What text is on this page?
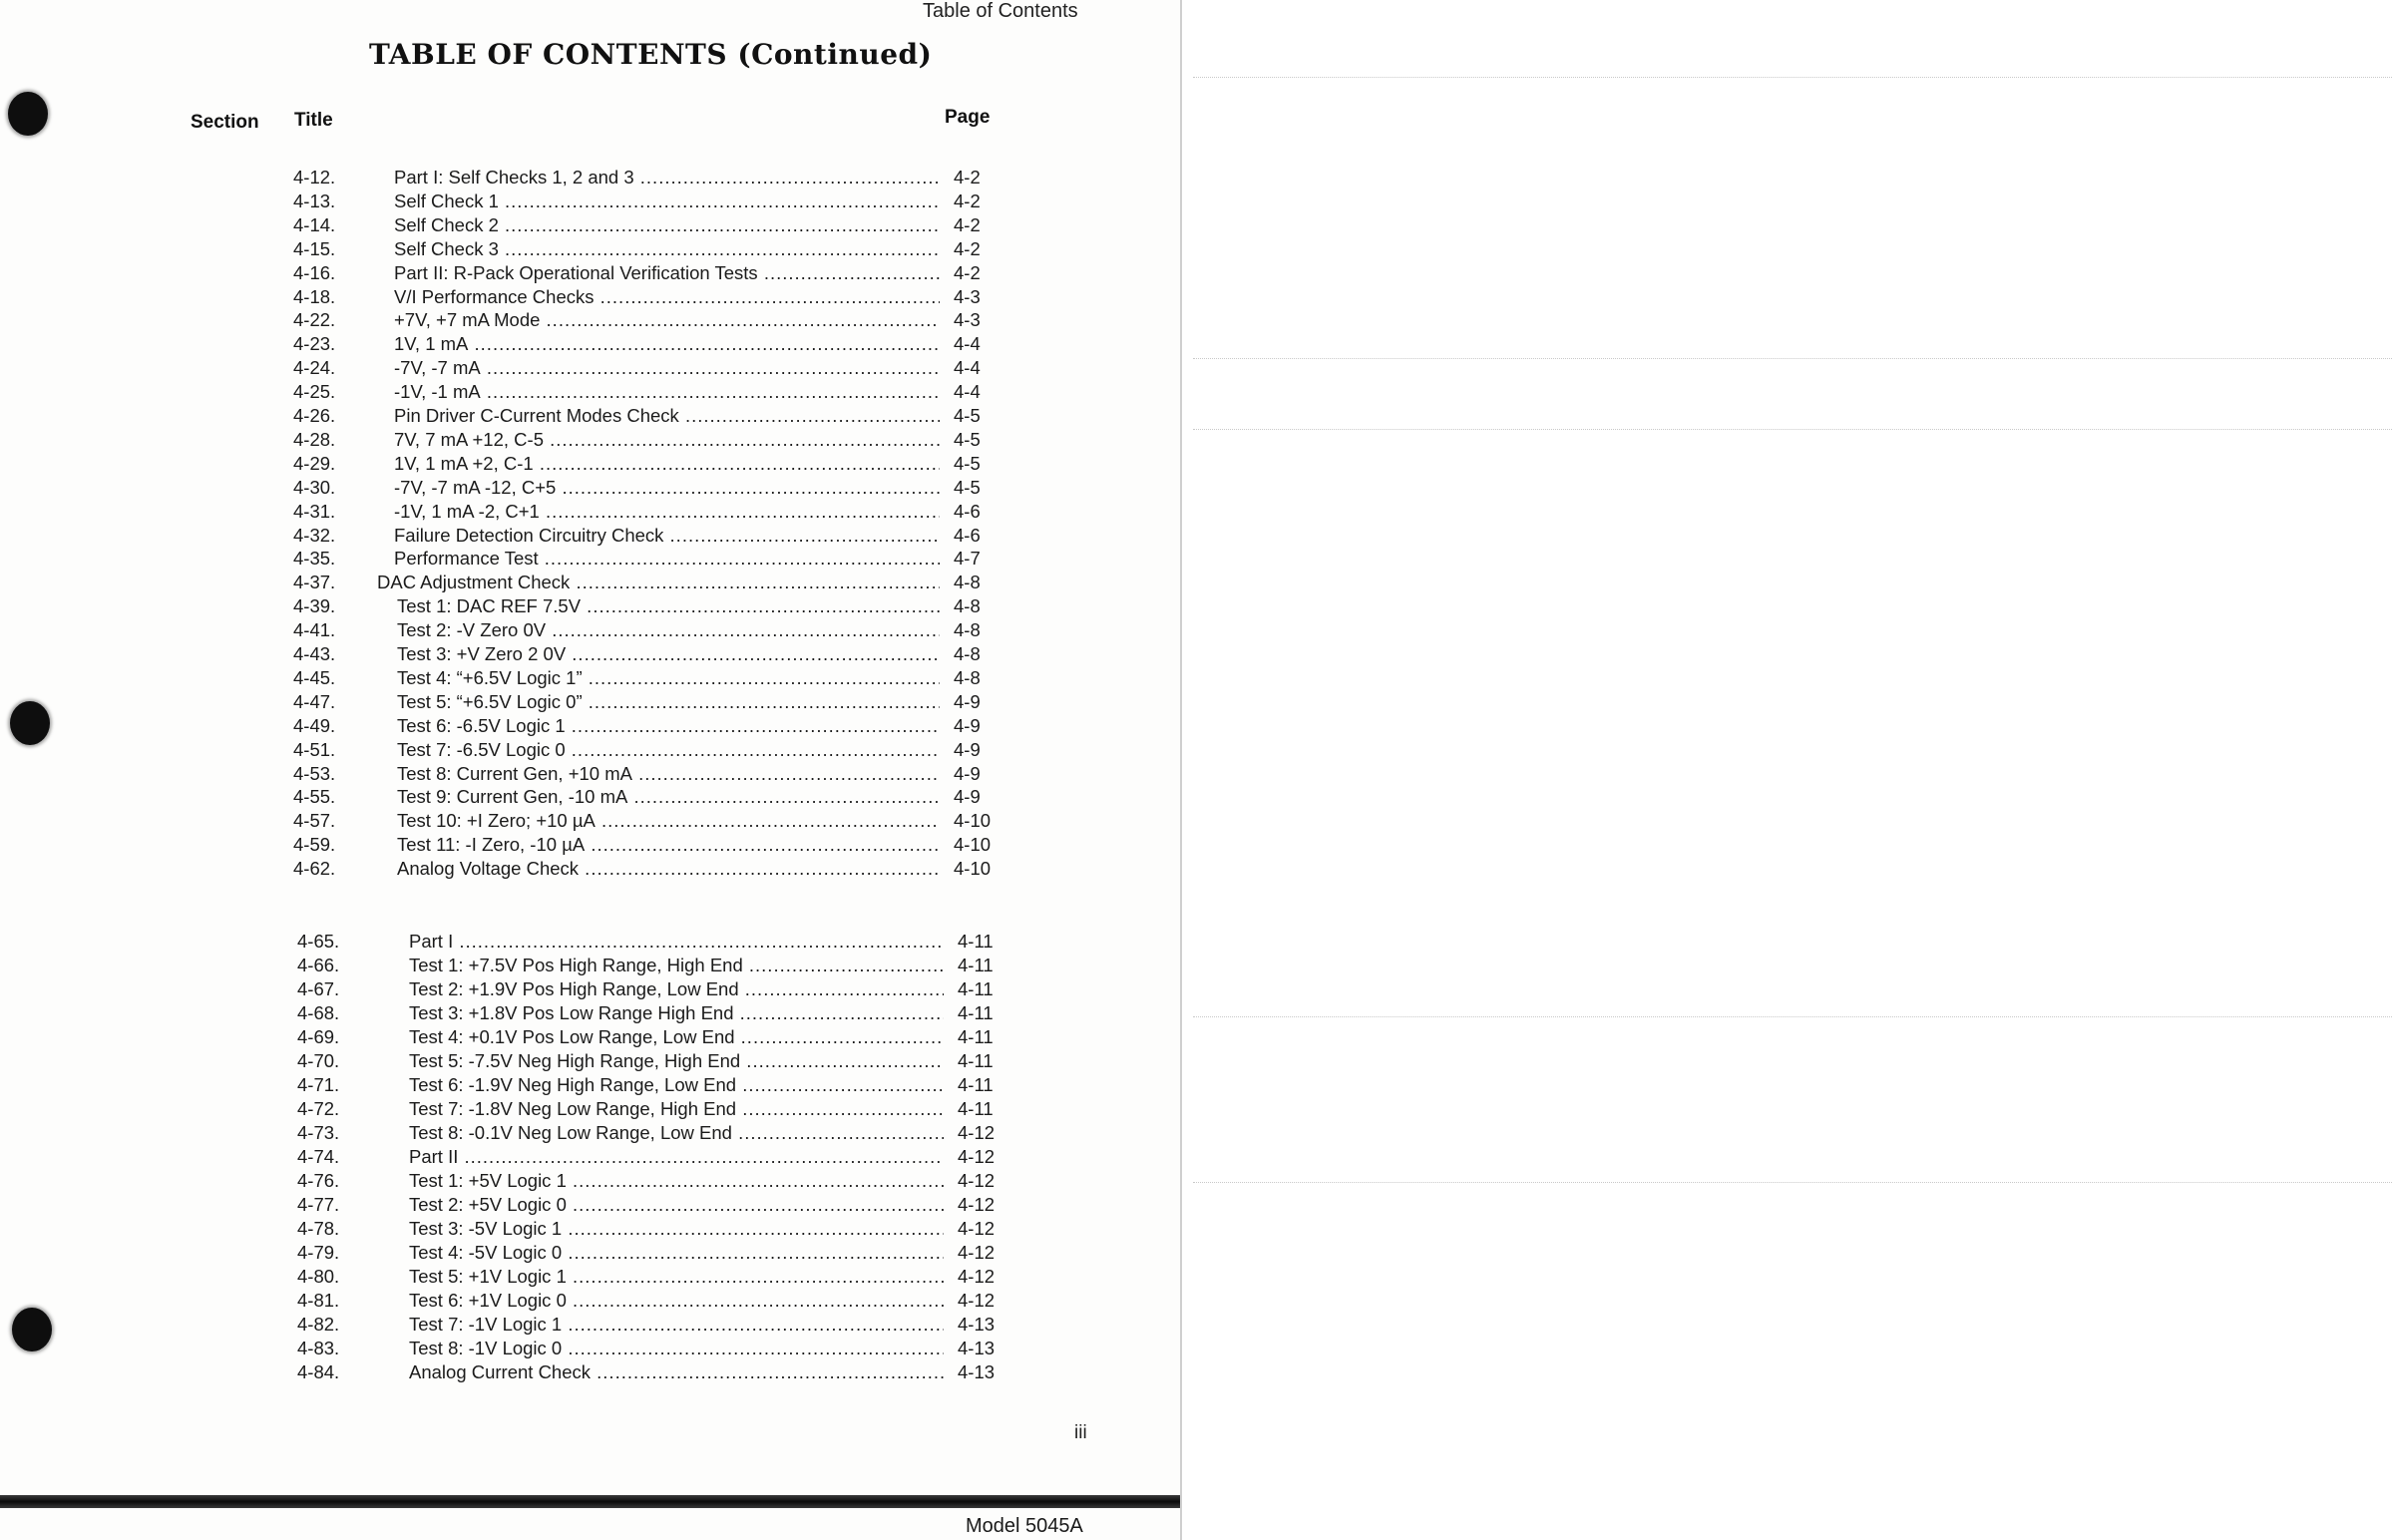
Table of Contents
TABLE OF CONTENTS (Continued)
Section Title	Page
4-12.	Part I: Self Checks 1, 2 and 3 .....	4-2
4-13.	Self Check 1 .....	4-2
4-14.	Self Check 2 .....	4-2
4-15.	Self Check 3 .....	4-2
4-16.	Part II: R-Pack Operational Verification Tests .....	4-2
4-18.	V/I Performance Checks .....	4-3
4-22.	+7V, +7 mA Mode .....	4-3
4-23.	1V, 1 mA .....	4-4
4-24.	-7V, -7 mA .....	4-4
4-25.	-1V, -1 mA .....	4-4
4-26.	Pin Driver C-Current Modes Check .....	4-5
4-28.	7V, 7 mA +12, C-5 .....	4-5
4-29.	1V, 1 mA +2, C-1 .....	4-5
4-30.	-7V, -7 mA -12, C+5 .....	4-5
4-31.	-1V, 1 mA -2, C+1 .....	4-6
4-32.	Failure Detection Circuitry Check .....	4-6
4-35.	Performance Test .....	4-7
4-37.	DAC Adjustment Check .....	4-8
4-39.	Test 1: DAC REF 7.5V .....	4-8
4-41.	Test 2: -V Zero 0V .....	4-8
4-43.	Test 3: +V Zero 2 0V .....	4-8
4-45.	Test 4: “+6.5V Logic 1” .....	4-8
4-47.	Test 5: “+6.5V Logic 0” .....	4-9
4-49.	Test 6: -6.5V Logic 1 .....	4-9
4-51.	Test 7: -6.5V Logic 0 .....	4-9
4-53.	Test 8: Current Gen, +10 mA .....	4-9
4-55.	Test 9: Current Gen, -10 mA .....	4-9
4-57.	Test 10: +I Zero; +10 µA .....	4-10
4-59.	Test 11: -I Zero, -10 µA .....	4-10
4-62.	Analog Voltage Check .....	4-10
4-65.	Part I .....	4-11
4-66.	Test 1: +7.5V Pos High Range, High End .....	4-11
4-67.	Test 2: +1.9V Pos High Range, Low End .....	4-11
4-68.	Test 3: +1.8V Pos Low Range High End .....	4-11
4-69.	Test 4: +0.1V Pos Low Range, Low End .....	4-11
4-70.	Test 5: -7.5V Neg High Range, High End .....	4-11
4-71.	Test 6: -1.9V Neg High Range, Low End .....	4-11
4-72.	Test 7: -1.8V Neg Low Range, High End .....	4-11
4-73.	Test 8: -0.1V Neg Low Range, Low End .....	4-12
4-74.	Part II .....	4-12
4-76.	Test 1: +5V Logic 1 .....	4-12
4-77.	Test 2: +5V Logic 0 .....	4-12
4-78.	Test 3: -5V Logic 1 .....	4-12
4-79.	Test 4: -5V Logic 0 .....	4-12
4-80.	Test 5: +1V Logic 1 .....	4-12
4-81.	Test 6: +1V Logic 0 .....	4-12
4-82.	Test 7: -1V Logic 1 .....	4-13
4-83.	Test 8: -1V Logic 0 .....	4-13
4-84.	Analog Current Check .....	4-13
iii
Model 5045A
